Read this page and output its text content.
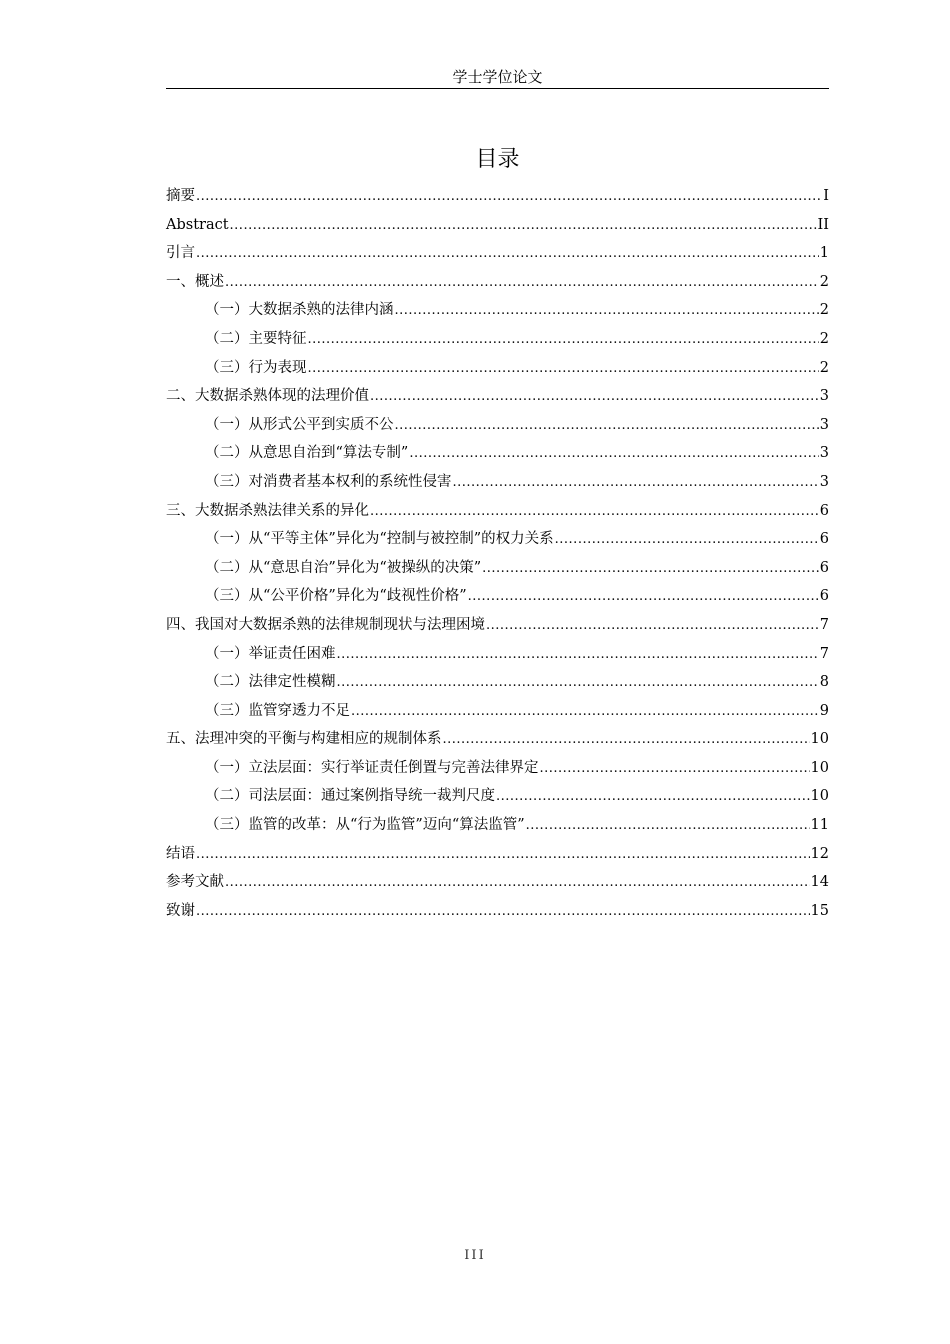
学士学位论文
目录
摘要 .....	I
Abstract .....	II
引言 .....	1
一、概述 .....	2
（一）大数据杀熟的法律内涵 .....	2
（二）主要特征 .....	2
（三）行为表现 .....	2
二、大数据杀熟体现的法理价值 .....	3
（一）从形式公平到实质不公 .....	3
（二）从意思自治到“算法专制” .....	3
（三）对消费者基本权利的系统性侵害 .....	3
三、大数据杀熟法律关系的异化 .....	6
（一）从“平等主体”异化为“控制与被控制”的权力关系 .....	6
（二）从“意思自治”异化为“被操纵的决策” .....	6
（三）从“公平价格”异化为“歧视性价格” .....	6
四、我国对大数据杀熟的法律规制现状与法理困境 .....	7
（一）举证责任困难 .....	7
（二）法律定性模糊 .....	8
（三）监管穿透力不足 .....	9
五、法理冲突的平衡与构建相应的规制体系 .....	10
（一）立法层面：实行举证责任倒置与完善法律界定 .....	10
（二）司法层面：通过案例指导统一裁判尺度 .....	10
（三）监管的改革：从“行为监管”迈向“算法监管” .....	11
结语 .....	12
参考文献 .....	14
致谢 .....	15
III
